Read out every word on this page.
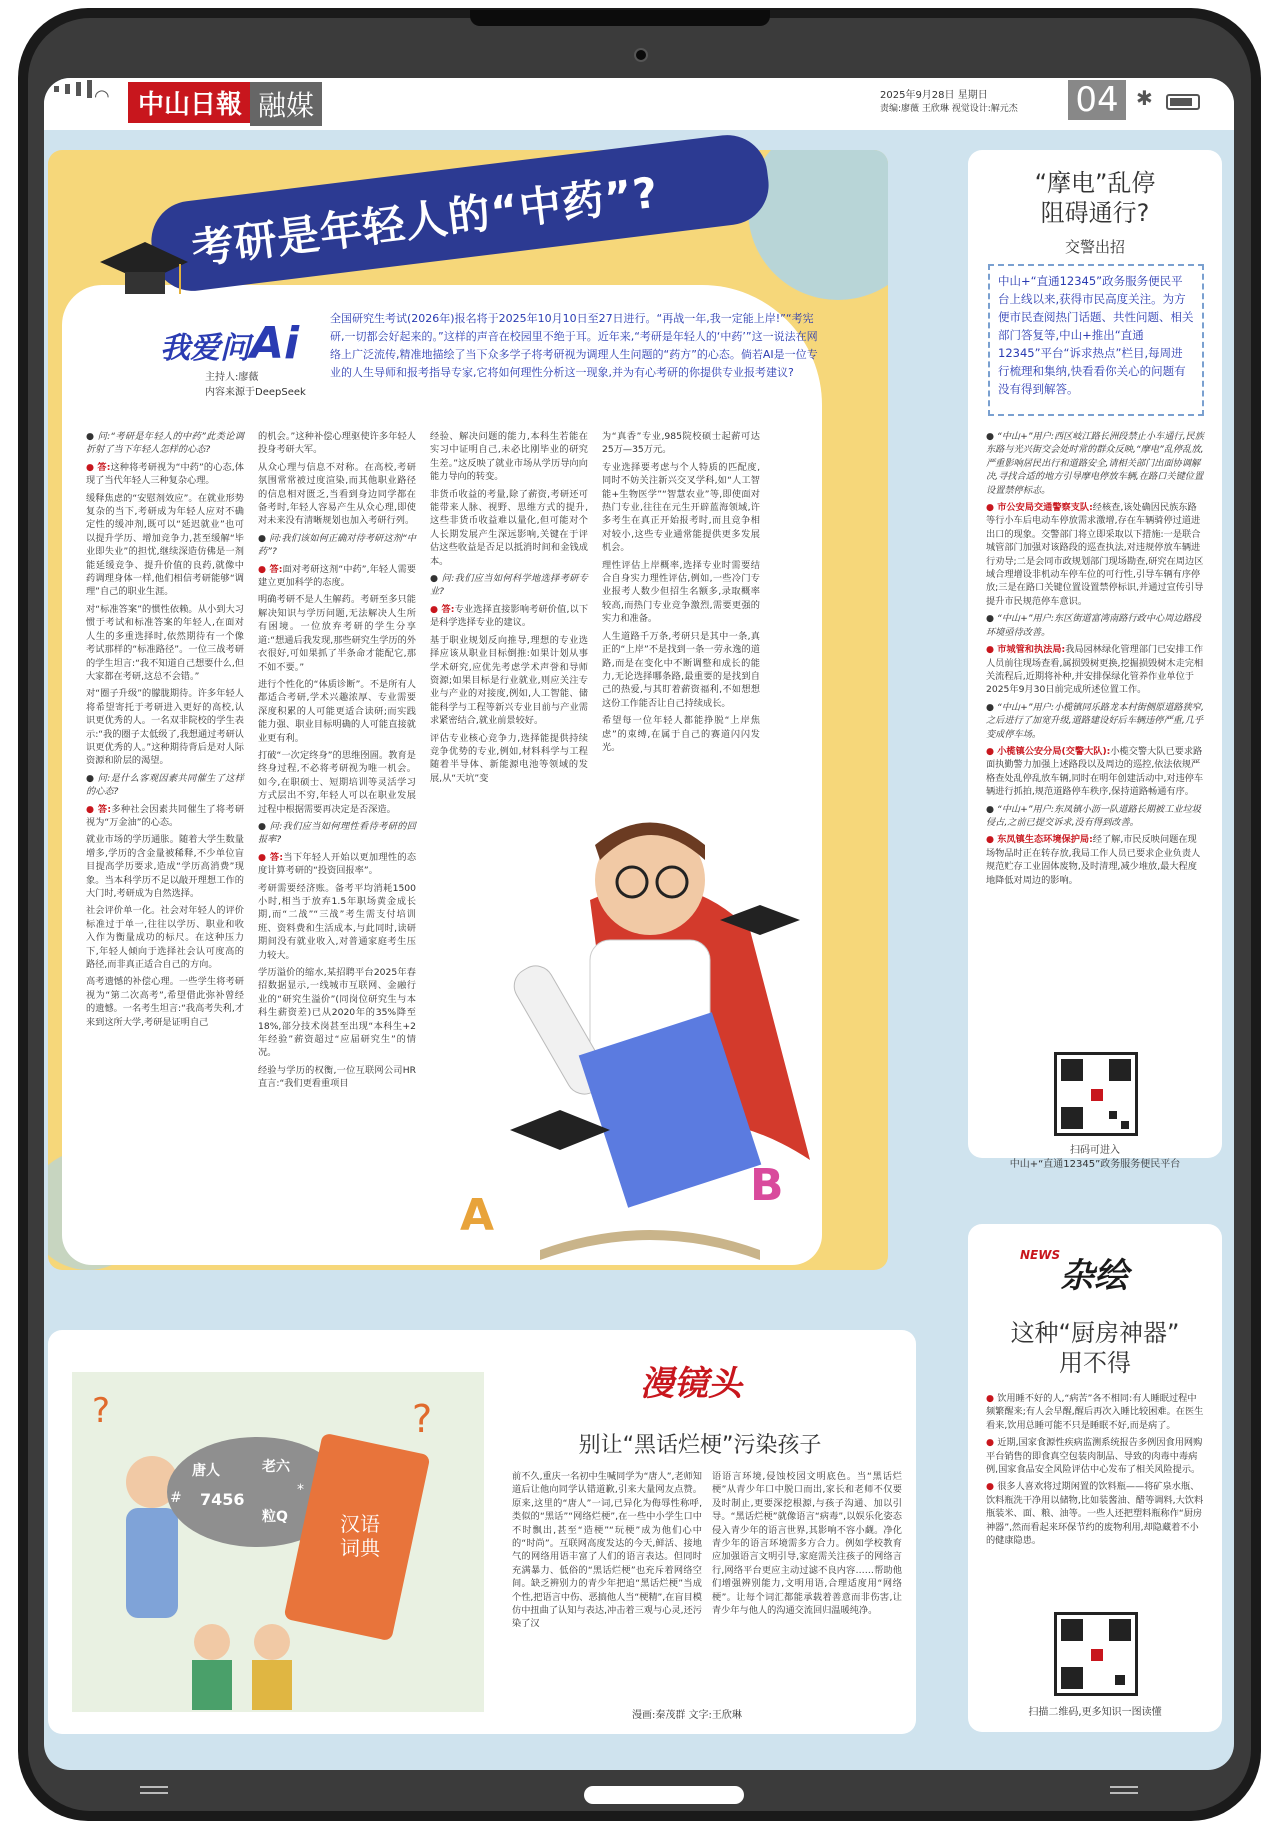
◠	中山日報 融媒	2025年9月28日 星期日
责编:廖薇 王欣琳 视觉设计:解元杰 04 ✱
考研是年轻人的“中药”?
我爱问Ai
主持人:廖薇
内容来源于DeepSeek
全国研究生考试(2026年)报名将于2025年10月10日至27日进行。“再战一年,我一定能上岸!”“考宪研,一切都会好起来的。”这样的声音在校园里不绝于耳。近年来,“考研是年轻人的‘中药’”这一说法在网络上广泛流传,精准地描绘了当下众多学子将考研视为调理人生问题的“药方”的心态。倘若AI是一位专业的人生导师和报考指导专家,它将如何理性分析这一现象,并为有心考研的你提供专业报考建议?

● 问:“考研是年轻人的中药”此类论调折射了当下年轻人怎样的心态?

● 答:这种将考研视为“中药”的心态,体现了当代年轻人三种复杂心理。

缓释焦虑的“安慰剂效应”。在就业形势复杂的当下,考研成为年轻人应对不确定性的缓冲剂,既可以“延迟就业”也可以提升学历、增加竞争力,甚至缓解“毕业即失业”的担忧,继续深造仿佛是一剂能延缓竞争、提升价值的良药,就像中药调理身体一样,他们相信考研能够“调理”自己的职业生涯。

对“标准答案”的惯性依赖。从小到大习惯于考试和标准答案的年轻人,在面对人生的多重选择时,依然期待有一个像考试那样的“标准路径”。一位三战考研的学生坦言:“我不知道自己想要什么,但大家都在考研,这总不会错。”

对“圈子升级”的朦胧期待。许多年轻人将希望寄托于考研进入更好的高校,认识更优秀的人。一名双非院校的学生表示:“我的圈子太低级了,我想通过考研认识更优秀的人。”这种期待背后是对人际资源和阶层的渴望。

● 问:是什么客观因素共同催生了这样的心态?

● 答:多种社会因素共同催生了将考研视为“万金油”的心态。

就业市场的学历通胀。随着大学生数量增多,学历的含金量被稀释,不少单位盲目提高学历要求,造成“学历高消费”现象。当本科学历不足以敲开理想工作的大门时,考研成为自然选择。

社会评价单一化。社会对年轻人的评价标准过于单一,往往以学历、职业和收入作为衡量成功的标尺。在这种压力下,年轻人倾向于选择社会认可度高的路径,而非真正适合自己的方向。

高考遗憾的补偿心理。一些学生将考研视为“第二次高考”,希望借此弥补曾经的遗憾。一名考生坦言:“我高考失利,才来到这所大学,考研是证明自己

的机会。”这种补偿心理驱使许多年轻人投身考研大军。

从众心理与信息不对称。在高校,考研氛围常常被过度渲染,而其他职业路径的信息相对匮乏,当看到身边同学都在备考时,年轻人容易产生从众心理,即使对未来没有清晰规划也加入考研行列。

● 问:我们该如何正确对待考研这剂“中药”?

● 答:面对考研这剂“中药”,年轻人需要建立更加科学的态度。

明确考研不是人生解药。考研至多只能解决知识与学历问题,无法解决人生所有困境。一位放弃考研的学生分享道:“想通后我发现,那些研究生学历的外衣很好,可如果抓了半条命才能配它,那不如不要。”

进行个性化的“体质诊断”。不是所有人都适合考研,学术兴趣浓厚、专业需要深度积累的人可能更适合读研;而实践能力强、职业目标明确的人可能直接就业更有利。

打破“一次定终身”的思维囹圄。教育是终身过程,不必将考研视为唯一机会。如今,在职硕士、短期培训等灵活学习方式层出不穷,年轻人可以在职业发展过程中根据需要再决定是否深造。

● 问:我们应当如何理性看待考研的回报率?

● 答:当下年轻人开始以更加理性的态度计算考研的“投资回报率”。

考研需要经济账。备考平均消耗1500小时,相当于放弃1.5年职场黄金成长期,而“二战”“三战”考生需支付培训班、资料费和生活成本,与此同时,读研期间没有就业收入,对普通家庭考生压力较大。

学历溢价的缩水,某招聘平台2025年春招数据显示,一线城市互联网、金融行业的“研究生溢价”(同岗位研究生与本科生薪资差)已从2020年的35%降至18%,部分技术岗甚至出现“本科生+2年经验”薪资超过“应届研究生”的情况。

经验与学历的权衡,一位互联网公司HR直言:“我们更看重项目

经验、解决问题的能力,本科生若能在实习中证明自己,未必比刚毕业的研究生差。”这反映了就业市场从学历导向向能力导向的转变。

非货币收益的考量,除了薪资,考研还可能带来人脉、视野、思维方式的提升,这些非货币收益难以量化,但可能对个人长期发展产生深远影响,关键在于评估这些收益是否足以抵消时间和金钱成本。

● 问:我们应当如何科学地选择考研专业?

● 答:专业选择直接影响考研价值,以下是科学选择专业的建议。

基于职业规划反向推导,理想的专业选择应该从职业目标倒推:如果计划从事学术研究,应优先考虑学术声誉和导师资源;如果目标是行业就业,则应关注专业与产业的对接度,例如,人工智能、储能科学与工程等新兴专业目前与产业需求紧密结合,就业前景较好。

评估专业核心竞争力,选择能提供持续竞争优势的专业,例如,材料科学与工程随着半导体、新能源电池等领域的发展,从“天坑”变

为“真香”专业,985院校硕士起薪可达25万—35万元。

专业选择要考虑与个人特质的匹配度,同时不妨关注新兴交叉学科,如“人工智能+生物医学”“智慧农业”等,即使面对热门专业,往往在元生开辟蓝海领域,许多考生在真正开始报考时,而且竞争相对较小,这些专业通常能提供更多发展机会。

理性评估上岸概率,选择专业时需要结合自身实力理性评估,例如,一些冷门专业报考人数少但招生名额多,录取概率较高,而热门专业竞争激烈,需要更强的实力和准备。

人生道路千万条,考研只是其中一条,真正的“上岸”不是找到一条一劳永逸的道路,而是在变化中不断调整和成长的能力,无论选择哪条路,最重要的是找到自己的热爱,与其盯着薪资福利,不如想想这份工作能否让自己持续成长。

希望每一位年轻人都能挣脱“上岸焦虑”的束缚,在属于自己的赛道闪闪发光。

A
B
“摩电”乱停
阻碍通行?
交警出招
中山+“直通12345”政务服务便民平台上线以来,获得市民高度关注。为方便市民查阅热门话题、共性问题、相关部门答复等,中山+推出“直通12345”平台“诉求热点”栏目,每周进行梳理和集纳,快看看你关心的问题有没有得到解答。

● “中山+”用户:西区岐江路长洲段禁止小车通行,民族东路与光兴街交会处时常的群众反映,“摩电”乱停乱放,严重影响居民出行和道路安全,请相关部门出面协调解决,寻找合适的地方引导摩电停放车辆,在路口关键位置设置禁停标志。

● 市公安局交通警察支队:经核查,该处确因民族东路等行小车后电动车停放需求激增,存在车辆骑停过道进出口的现象。交警部门将立即采取以下措施:一是联合城管部门加强对该路段的巡查执法,对违规停放车辆进行劝导;二是会同市政规划部门现场勘查,研究在周边区域合理增设非机动车停车位的可行性,引导车辆有序停放;三是在路口关键位置设置禁停标识,并通过宣传引导提升市民规范停车意识。

● “中山+”用户:东区街道富湾南路行政中心周边路段环境亟待改善。

● 市城管和执法局:我局园林绿化管理部门已安排工作人员前往现场查看,属损毁树更换,挖掘损毁树木走完相关流程后,近期将补种,并安排保绿化管养作业单位于2025年9月30日前完成所述位置工作。

● “中山+”用户:小榄镇同乐路龙本村街侧原道路狭窄,之后进行了加宽升级,道路建设好后车辆违停严重,几乎变成停车场。

● 小榄镇公安分局(交警大队):小榄交警大队已要求路面执勤警力加强上述路段以及周边的巡控,依法依规严格查处乱停乱放车辆,同时在明年创建活动中,对违停车辆进行抓拍,规范道路停车秩序,保持道路畅通有序。

● “中山+”用户:东凤镇小沥一队道路长期被工业垃圾侵占,之前已提交诉求,没有得到改善。

● 东凤镇生态环境保护局:经了解,市民反映问题在现场物品时正在转存放,我局工作人员已要求企业负责人规范贮存工业固体废物,及时清理,减少堆放,最大程度地降低对周边的影响。

扫码可进入
中山+“直通12345”政务服务便民平台
$^{NEWS}$杂绘
这种“厨房神器”
用不得

● 饮用睡不好的人,“病苦”各不相同:有人睡眠过程中频繁醒来;有人会早醒,醒后再次入睡比较困难。在医生看来,饮用总睡可能不只是睡眠不好,而是病了。

● 近期,国家食源性疾病监测系统报告多例因食用网购平台销售的即食真空包装肉制品、导致的肉毒中毒病例,国家食品安全风险评估中心发布了相关风险提示。

● 很多人喜欢将过期闲置的饮料瓶——将矿泉水瓶、饮料瓶洗干净用以储物,比如装酱油、醋等调料,大饮料瓶装米、面、粮、油等。一些人还把塑料瓶称作“厨房神器”,然而看起来环保节约的废物利用,却隐藏着不小的健康隐患。

扫描二维码,更多知识一图读懂
?	?
唐人	老六
7456
粒Q
#	*
汉语词典
漫镜头
别让“黑话烂梗”污染孩子
前不久,重庆一名初中生喊同学为“唐人”,老师知道后让他向同学认错道歉,引来大量网友点赞。原来,这里的“唐人”一词,已异化为侮辱性称呼,类似的“黑话”“网络烂梗”,在一些中小学生口中不时飘出,甚至“造梗”“玩梗”成为他们心中的“时尚”。互联网高度发达的今天,鲜活、接地气的网络用语丰富了人们的语言表达。但同时充满暴力、低俗的“黑话烂梗”也充斥着网络空间。缺乏辨别力的青少年把追“黑话烂梗”当成个性,把语言中伤、恶搞他人当“梗精”,在盲目模仿中扭曲了认知与表达,冲击着三观与心灵,还污染了汉
语语言环境,侵蚀校园文明底色。当“黑话烂梗”从青少年口中脱口而出,家长和老师不仅要及时制止,更要深挖根源,与孩子沟通、加以引导。“黑话烂梗”就像语言“病毒”,以娱乐化姿态侵入青少年的语言世界,其影响不容小觑。净化青少年的语言环境需多方合力。例如学校教育应加强语言文明引导,家庭需关注孩子的网络言行,网络平台更应主动过滤不良内容……帮助他们增强辨别能力,文明用语,合理适度用“网络梗”。让每个词汇都能承载着善意而非伤害,让青少年与他人的沟通交流回归温暖纯净。
漫画:秦茂群 文字:王欣琳
